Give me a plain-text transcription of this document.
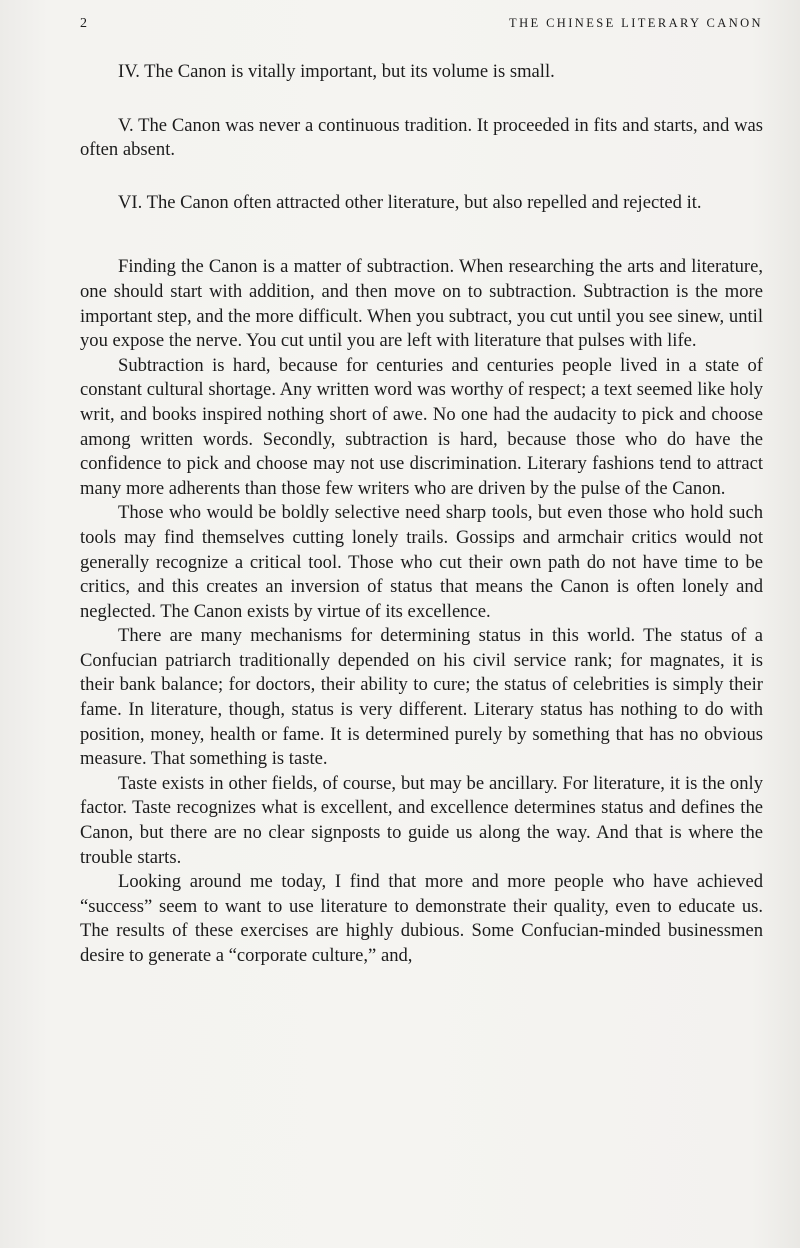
2	THE CHINESE LITERARY CANON

IV. The Canon is vitally important, but its volume is small.

V. The Canon was never a continuous tradition. It proceeded in fits and starts, and was often absent.

VI. The Canon often attracted other literature, but also repelled and rejected it.

Finding the Canon is a matter of subtraction. When researching the arts and literature, one should start with addition, and then move on to subtraction. Subtraction is the more important step, and the more difficult. When you subtract, you cut until you see sinew, until you expose the nerve. You cut until you are left with literature that pulses with life.

Subtraction is hard, because for centuries and centuries people lived in a state of constant cultural shortage. Any written word was worthy of respect; a text seemed like holy writ, and books inspired nothing short of awe. No one had the audacity to pick and choose among written words. Secondly, subtraction is hard, because those who do have the confidence to pick and choose may not use discrimination. Literary fashions tend to attract many more adherents than those few writers who are driven by the pulse of the Canon.

Those who would be boldly selective need sharp tools, but even those who hold such tools may find themselves cutting lonely trails. Gossips and armchair critics would not generally recognize a critical tool. Those who cut their own path do not have time to be critics, and this creates an inversion of status that means the Canon is often lonely and neglected. The Canon exists by virtue of its excellence.

There are many mechanisms for determining status in this world. The status of a Confucian patriarch traditionally depended on his civil service rank; for magnates, it is their bank balance; for doctors, their ability to cure; the status of celebrities is simply their fame. In literature, though, status is very different. Literary status has nothing to do with position, money, health or fame. It is determined purely by something that has no obvious measure. That something is taste.

Taste exists in other fields, of course, but may be ancillary. For literature, it is the only factor. Taste recognizes what is excellent, and excellence determines status and defines the Canon, but there are no clear signposts to guide us along the way. And that is where the trouble starts.

Looking around me today, I find that more and more people who have achieved “success” seem to want to use literature to demonstrate their quality, even to educate us. The results of these exercises are highly dubious. Some Confucian-minded businessmen desire to generate a “corporate culture,” and,
